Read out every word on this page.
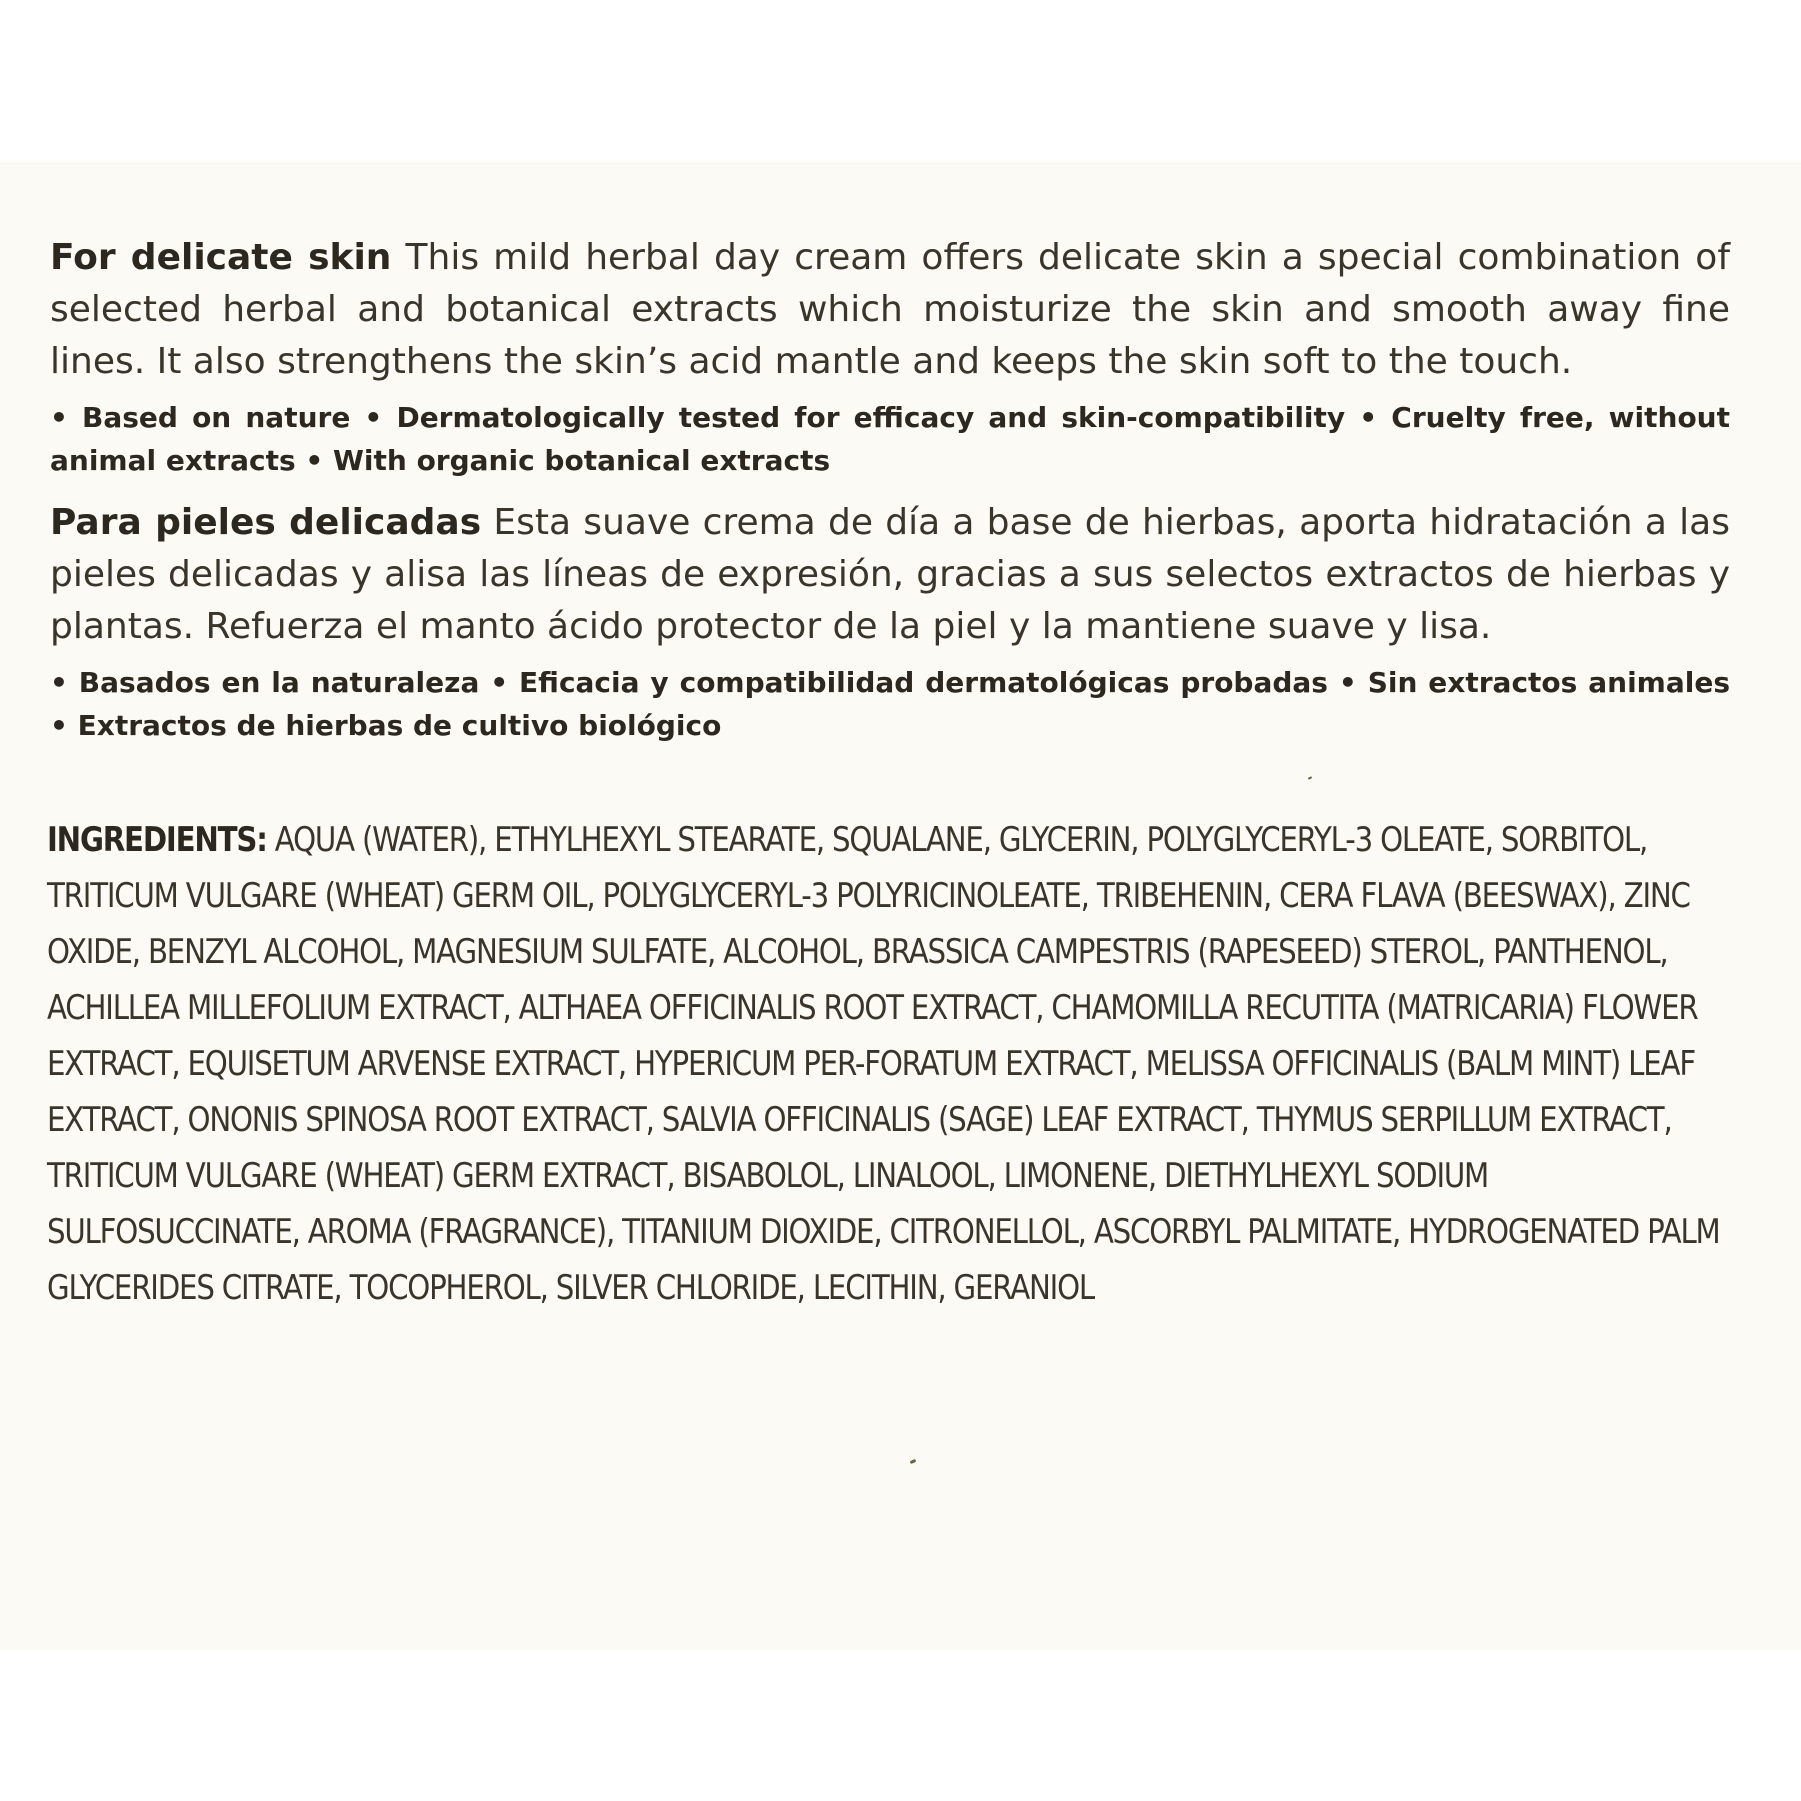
For delicate skin This mild herbal day cream offers delicate skin a special combination of selected herbal and botanical extracts which moisturize the skin and smooth away fine lines. It also strengthens the skin’s acid mantle and keeps the skin soft to the touch.

• Based on nature • Dermatologically tested for efficacy and skin-compatibility • Cruelty free, without animal extracts • With organic botanical extracts

Para pieles delicadas Esta suave crema de día a base de hierbas, aporta hidratación a las pieles delicadas y alisa las líneas de expresión, gracias a sus selectos extractos de hierbas y plantas. Refuerza el manto ácido protector de la piel y la mantiene suave y lisa.

• Basados en la naturaleza • Eficacia y compatibilidad dermatológicas probadas • Sin extractos animales • Extractos de hierbas de cultivo biológico

INGREDIENTS: AQUA (WATER), ETHYLHEXYL STEARATE, SQUALANE, GLYCERIN, POLYGLYCERYL-3 OLEATE, SORBITOL, TRITICUM VULGARE (WHEAT) GERM OIL, POLYGLYCERYL-3 POLYRICINOLEATE, TRIBEHENIN, CERA FLAVA (BEESWAX), ZINC OXIDE, BENZYL ALCOHOL, MAGNESIUM SULFATE, ALCOHOL, BRASSICA CAMPESTRIS (RAPESEED) STEROL, PANTHENOL, ACHILLEA MILLEFOLIUM EXTRACT, ALTHAEA OFFICINALIS ROOT EXTRACT, CHAMOMILLA RECUTITA (MATRICARIA) FLOWER EXTRACT, EQUISETUM ARVENSE EXTRACT, HYPERICUM PER-FORATUM EXTRACT, MELISSA OFFICINALIS (BALM MINT) LEAF EXTRACT, ONONIS SPINOSA ROOT EXTRACT, SALVIA OFFICINALIS (SAGE) LEAF EXTRACT, THYMUS SERPILLUM EXTRACT, TRITICUM VULGARE (WHEAT) GERM EXTRACT, BISABOLOL, LINALOOL, LIMONENE, DIETHYLHEXYL SODIUM SULFOSUCCINATE, AROMA (FRAGRANCE), TITANIUM DIOXIDE, CITRONELLOL, ASCORBYL PALMITATE, HYDROGENATED PALM GLYCERIDES CITRATE, TOCOPHEROL, SILVER CHLORIDE, LECITHIN, GERANIOL
